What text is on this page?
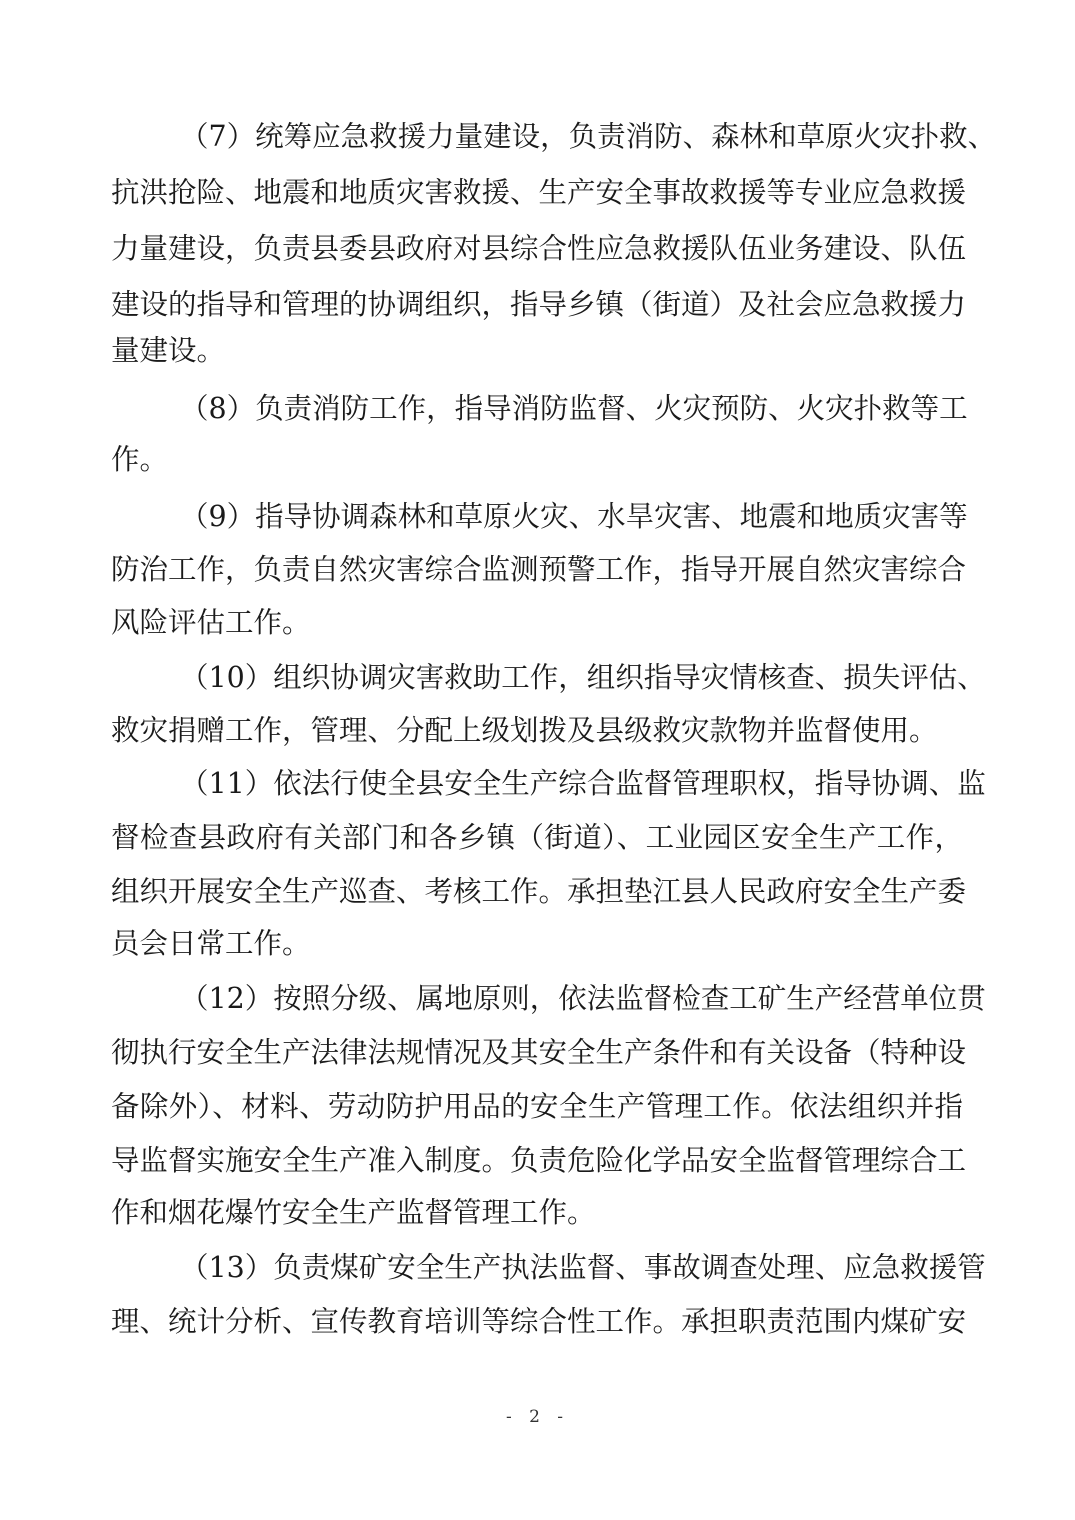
（7）统筹应急救援力量建设，负责消防、森林和草原火灾扑救、

抗洪抢险、地震和地质灾害救援、生产安全事故救援等专业应急救援

力量建设，负责县委县政府对县综合性应急救援队伍业务建设、队伍

建设的指导和管理的协调组织，指导乡镇（街道）及社会应急救援力

量建设。

（8）负责消防工作，指导消防监督、火灾预防、火灾扑救等工

作。

（9）指导协调森林和草原火灾、水旱灾害、地震和地质灾害等

防治工作，负责自然灾害综合监测预警工作，指导开展自然灾害综合

风险评估工作。

（10）组织协调灾害救助工作，组织指导灾情核查、损失评估、

救灾捐赠工作，管理、分配上级划拨及县级救灾款物并监督使用。

（11）依法行使全县安全生产综合监督管理职权，指导协调、监

督检查县政府有关部门和各乡镇（街道）、工业园区安全生产工作，

组织开展安全生产巡查、考核工作。承担垫江县人民政府安全生产委

员会日常工作。

（12）按照分级、属地原则，依法监督检查工矿生产经营单位贯

彻执行安全生产法律法规情况及其安全生产条件和有关设备（特种设

备除外）、材料、劳动防护用品的安全生产管理工作。依法组织并指

导监督实施安全生产准入制度。负责危险化学品安全监督管理综合工

作和烟花爆竹安全生产监督管理工作。

（13）负责煤矿安全生产执法监督、事故调查处理、应急救援管

理、统计分析、宣传教育培训等综合性工作。承担职责范围内煤矿安

- 2 -
